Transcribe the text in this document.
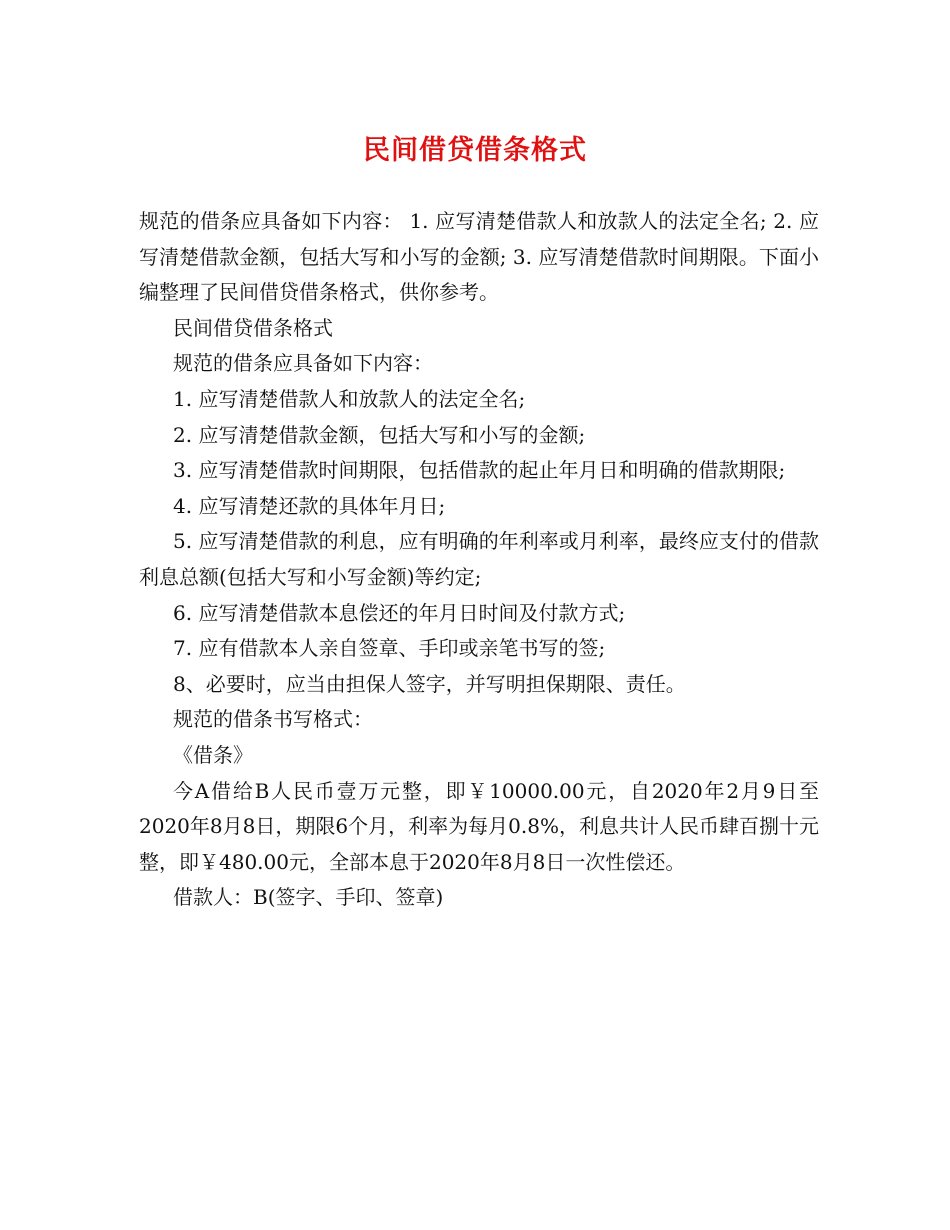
民间借贷借条格式

规范的借条应具备如下内容： 1. 应写清楚借款人和放款人的法定全名; 2. 应写清楚借款金额，包括大写和小写的金额; 3. 应写清楚借款时间期限。下面小编整理了民间借贷借条格式，供你参考。

民间借贷借条格式

规范的借条应具备如下内容：

1. 应写清楚借款人和放款人的法定全名;

2. 应写清楚借款金额，包括大写和小写的金额;

3. 应写清楚借款时间期限，包括借款的起止年月日和明确的借款期限;

4. 应写清楚还款的具体年月日;

5. 应写清楚借款的利息，应有明确的年利率或月利率，最终应支付的借款利息总额(包括大写和小写金额)等约定;

6. 应写清楚借款本息偿还的年月日时间及付款方式;

7. 应有借款本人亲自签章、手印或亲笔书写的签;

8、必要时，应当由担保人签字，并写明担保期限、责任。

规范的借条书写格式：

《借条》

今A借给B人民币壹万元整，即￥10000.00元，自2020年2月9日至2020年8月8日，期限6个月，利率为每月0.8%，利息共计人民币肆百捌十元整，即￥480.00元，全部本息于2020年8月8日一次性偿还。

借款人：B(签字、手印、签章)
